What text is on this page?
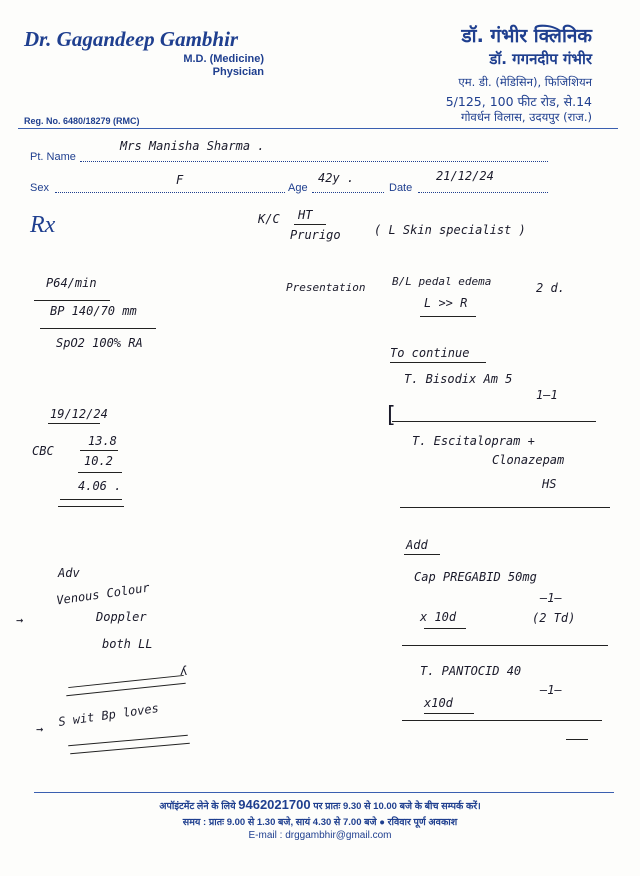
Dr. Gagandeep Gambhir
M.D. (Medicine)
Physician
डॉ. गंभीर क्लिनिक
डॉ. गगनदीप गंभीर
एम. डी. (मेडिसिन), फिजिशियन
5/125, 100 फीट रोड, से.14
गोवर्धन विलास, उदयपुर (राज.)
Reg. No. 6480/18279 (RMC)
Pt. Name
Mrs Manisha Sharma .
Sex
F
Age
42y .
Date
21/12/24
Rx	K/C HT
Prurigo	( L Skin specialist )
Presentation B/L pedal edema	2 d.
L >> R
To continue
T. Bisodix Am 5
1—1
[
T. Escitalopram +
Clonazepam
HS
P64/min
BP 140/70 mm
SpO2 100% RA
19/12/24
CBC
13.8
10.2
4.06 .
Adv
→
Venous Colour
Doppler
both LL
ʎ
→
S wit Bp loves
Add
Cap PREGABID 50mg
—1—
x 10d	(2 Td)
T. PANTOCID 40
—1—
x10d
अपॉइंटमेंट लेने के लिये 9462021700 पर प्रातः 9.30 से 10.00 बजे के बीच सम्पर्क करें।
समय : प्रातः 9.00 से 1.30 बजे, सायं 4.30 से 7.00 बजे ● रविवार पूर्ण अवकाश
E-mail : drggambhir@gmail.com
